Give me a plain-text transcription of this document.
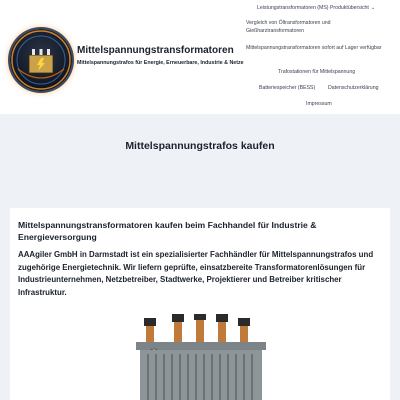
Mittelspannungstransformatoren
Mittelspannungstrafos für Energie, Erneuerbare, Industrie & Netze
Leistungstransformatoren (MS) Produktübersicht ⌄
Vergleich von Öltransformatoren und Gießharztransformatoren
Mittelspannungstransformatoren sofort auf Lager verfügbar
Trafostationen für Mittelspannung
Batteriespeicher (BESS) Datenschutzerklärung
Impressum
Mittelspannungstrafos kaufen
Mittelspannungstransformatoren kaufen beim Fachhandel für Industrie & Energieversorgung

AAAgiler GmbH in Darmstadt ist ein spezialisierter Fachhändler für Mittelspannungstrafos und zugehörige Energietechnik. Wir liefern geprüfte, einsatzbereite Transformatorenlösungen für Industrieunternehmen, Netzbetreiber, Stadtwerke, Projektierer und Betreiber kritischer Infrastruktur.
